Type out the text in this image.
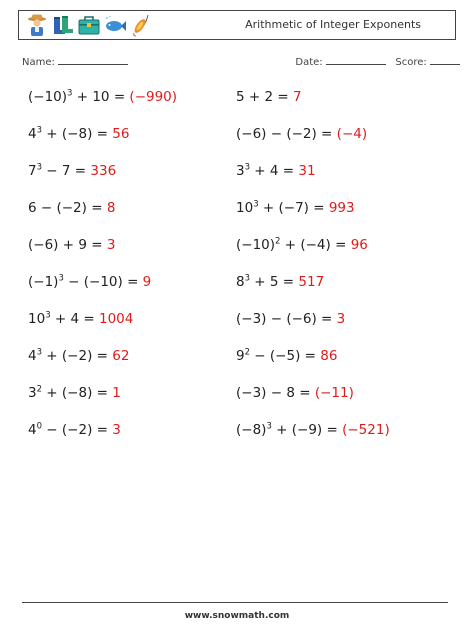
Arithmetic of Integer Exponents
Name:	Date:	Score:
$(-10)^3 + 10 = (-990)$	5 + 2 = 7
$4^3 + (-8) = 56$	(−6) − (−2) = (−4)
$7^3 - 7 = 336$	$3^3 + 4 = 31$
6 − (−2) = 8	$10^3 + (-7) = 993$
(−6) + 9 = 3	$(-10)^2 + (-4) = 96$
$(-1)^3 - (-10) = 9$	$8^3 + 5 = 517$
$10^3 + 4 = 1004$	(−3) − (−6) = 3
$4^3 + (-2) = 62$	$9^2 - (-5) = 86$
$3^2 + (-8) = 1$	(−3) − 8 = (−11)
$4^0 - (-2) = 3$	$(-8)^3 + (-9) = (-521)$
www.snowmath.com
